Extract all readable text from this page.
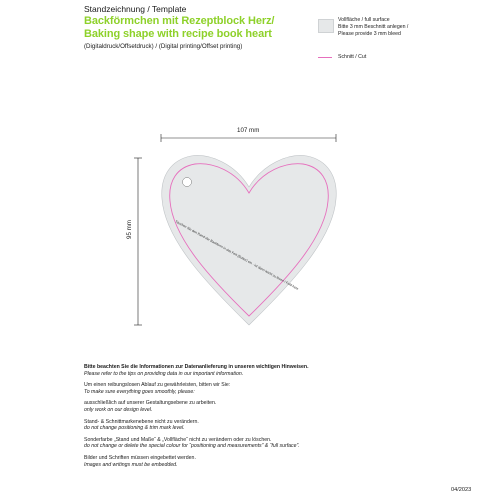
Standzeichnung / Template
Backförmchen mit Rezeptblock Herz/
Baking shape with recipe book heart
(Digitaldruck/Offsetdruck) / (Digital printing/Offset printing)
Vollfläche / full surface
Bitte 3 mm Beschnitt anlegen /
Please provide 3 mm bleed
Schnitt / Cut
Tauchen Sie den Rand der Backform in das Fett (Butter) ein - ist dann leicht zu lösen / Fold here
107 mm
95 mm

Bitte beachten Sie die Informationen zur Datenanlieferung in unseren wichtigen Hinweisen.
Please refer to the tips on providing data in our important information.

Um einen reibungslosen Ablauf zu gewährleisten, bitten wir Sie:
To make sure everything goes smoothly, please:

ausschließlich auf unserer Gestaltungsebene zu arbeiten.
only work on our design level.

Stand- & Schnittmarkenebene nicht zu verändern.
do not change positioning & trim mark level.

Sonderfarbe „Stand und Maße“ & „Vollfläche“ nicht zu verändern oder zu löschen.
do not change or delete the special colour for “positioning and measurements” & “full surface”.

Bilder und Schriften müssen eingebettet werden.
Images and writings must be embedded.

04/2023
